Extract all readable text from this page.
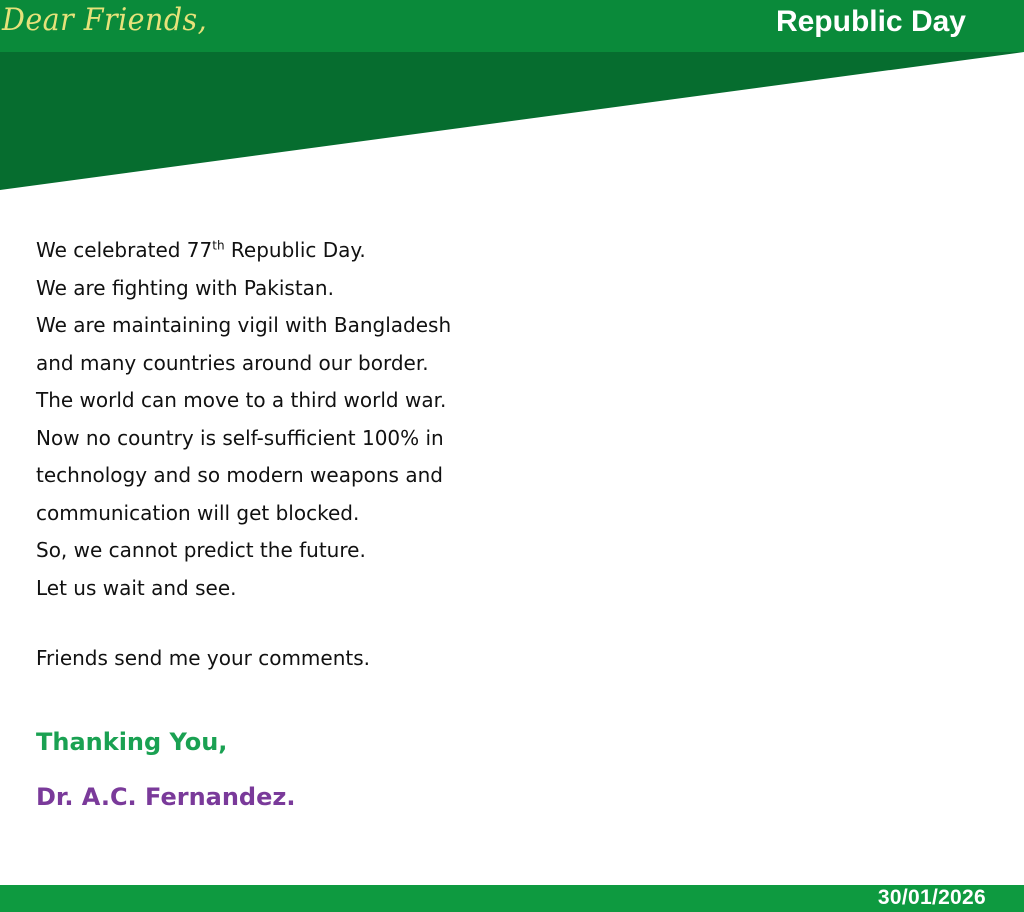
Dear Friends,	Republic Day
We celebrated 77th Republic Day.
We are fighting with Pakistan.
We are maintaining vigil with Bangladesh
and many countries around our border.
The world can move to a third world war.
Now no country is self-sufficient 100% in
technology and so modern weapons and
communication will get blocked.
So, we cannot predict the future.
Let us wait and see.
Friends send me your comments.
Thanking You,
Dr. A.C. Fernandez.
30/01/2026
